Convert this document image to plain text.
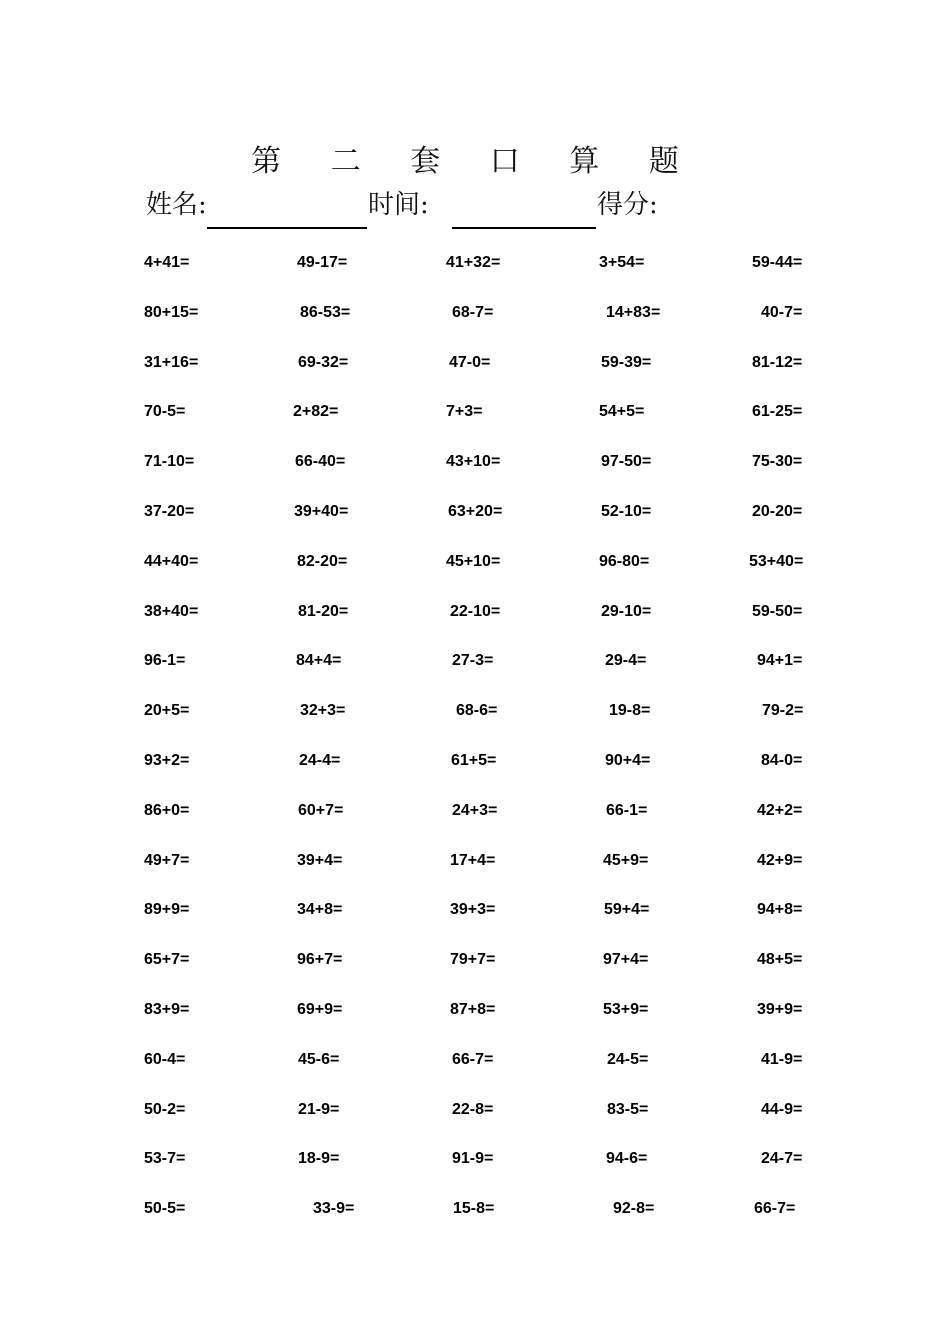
第 二 套 口 算 题
姓名:	时间:	得分:
4+41=	49-17=	41+32=	3+54=	59-44=
80+15=	86-53=	68-7=	14+83=	40-7=
31+16=	69-32=	47-0=	59-39=	81-12=
70-5=	2+82=	7+3=	54+5=	61-25=
71-10=	66-40=	43+10=	97-50=	75-30=
37-20=	39+40=	63+20=	52-10=	20-20=
44+40=	82-20=	45+10=	96-80=	53+40=
38+40=	81-20=	22-10=	29-10=	59-50=
96-1=	84+4=	27-3=	29-4=	94+1=
20+5=	32+3=	68-6=	19-8=	79-2=
93+2=	24-4=	61+5=	90+4=	84-0=
86+0=	60+7=	24+3=	66-1=	42+2=
49+7=	39+4=	17+4=	45+9=	42+9=
89+9=	34+8=	39+3=	59+4=	94+8=
65+7=	96+7=	79+7=	97+4=	48+5=
83+9=	69+9=	87+8=	53+9=	39+9=
60-4=	45-6=	66-7=	24-5=	41-9=
50-2=	21-9=	22-8=	83-5=	44-9=
53-7=	18-9=	91-9=	94-6=	24-7=
50-5=	33-9=	15-8=	92-8=	66-7=
